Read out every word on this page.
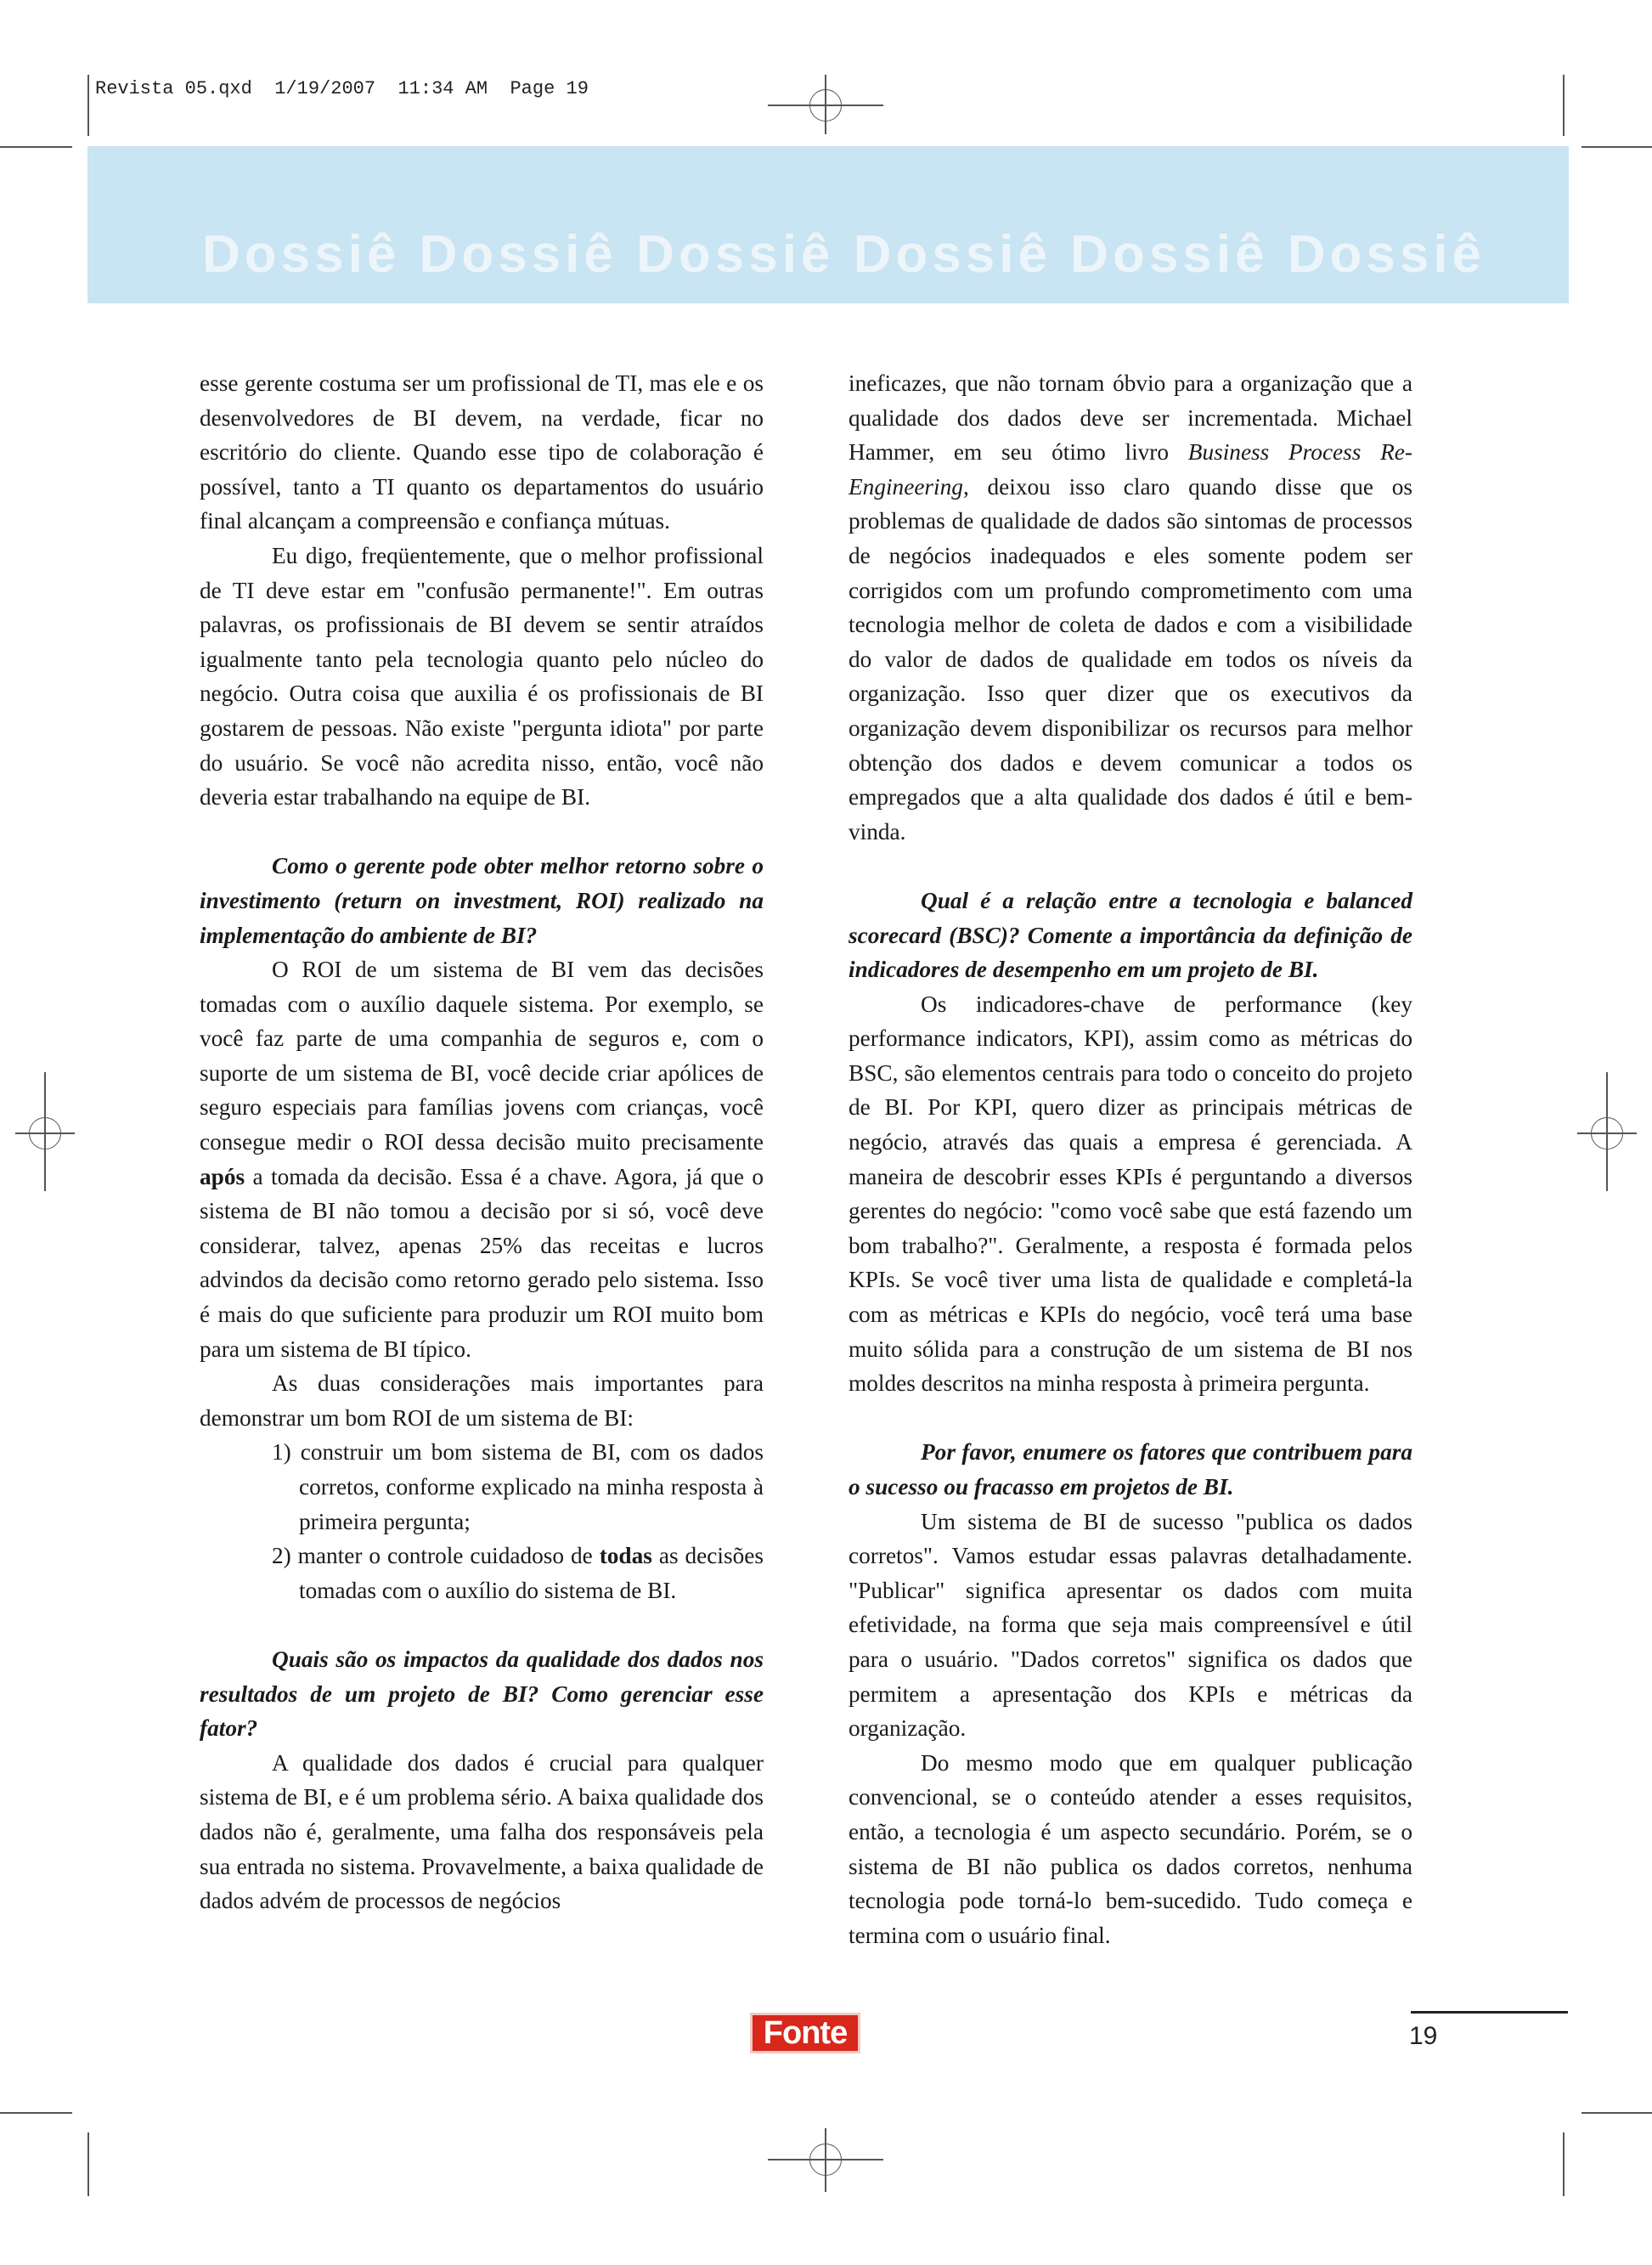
Revista 05.qxd  1/19/2007  11:34 AM  Page 19

Dossiê Dossiê Dossiê Dossiê Dossiê Dossiê

esse gerente costuma ser um profissional de TI, mas ele e os desenvolvedores de BI devem, na verdade, ficar no escritório do cliente. Quando esse tipo de colaboração é possível, tanto a TI quanto os departamentos do usuário final alcançam a compreensão e confiança mútuas.

Eu digo, freqüentemente, que o melhor profissional de TI deve estar em "confusão permanente!". Em outras palavras, os profissionais de BI devem se sentir atraídos igualmente tanto pela tecnologia quanto pelo núcleo do negócio. Outra coisa que auxilia é os profissionais de BI gostarem de pessoas. Não existe "pergunta idiota" por parte do usuário. Se você não acredita nisso, então, você não deveria estar trabalhando na equipe de BI.

Como o gerente pode obter melhor retorno sobre o investimento (return on investment, ROI) realizado na implementação do ambiente de BI?

O ROI de um sistema de BI vem das decisões tomadas com o auxílio daquele sistema. Por exemplo, se você faz parte de uma companhia de seguros e, com o suporte de um sistema de BI, você decide criar apólices de seguro especiais para famílias jovens com crianças, você consegue medir o ROI dessa decisão muito precisamente após a tomada da decisão. Essa é a chave. Agora, já que o sistema de BI não tomou a decisão por si só, você deve considerar, talvez, apenas 25% das receitas e lucros advindos da decisão como retorno gerado pelo sistema. Isso é mais do que suficiente para produzir um ROI muito bom para um sistema de BI típico.

As duas considerações mais importantes para demonstrar um bom ROI de um sistema de BI:

1) construir um bom sistema de BI, com os dados corretos, conforme explicado na minha resposta à primeira pergunta;
2) manter o controle cuidadoso de todas as decisões tomadas com o auxílio do sistema de BI.

Quais são os impactos da qualidade dos dados nos resultados de um projeto de BI? Como gerenciar esse fator?

A qualidade dos dados é crucial para qualquer sistema de BI, e é um problema sério. A baixa qualidade dos dados não é, geralmente, uma falha dos responsáveis pela sua entrada no sistema. Provavelmente, a baixa qualidade de dados advém de processos de negócios

ineficazes, que não tornam óbvio para a organização que a qualidade dos dados deve ser incrementada. Michael Hammer, em seu ótimo livro Business Process Re-Engineering, deixou isso claro quando disse que os problemas de qualidade de dados são sintomas de processos de negócios inadequados e eles somente podem ser corrigidos com um profundo comprometimento com uma tecnologia melhor de coleta de dados e com a visibilidade do valor de dados de qualidade em todos os níveis da organização. Isso quer dizer que os executivos da organização devem disponibilizar os recursos para melhor obtenção dos dados e devem comunicar a todos os empregados que a alta qualidade dos dados é útil e bem-vinda.

Qual é a relação entre a tecnologia e balanced scorecard (BSC)? Comente a importância da definição de indicadores de desempenho em um projeto de BI.

Os indicadores-chave de performance (key performance indicators, KPI), assim como as métricas do BSC, são elementos centrais para todo o conceito do projeto de BI. Por KPI, quero dizer as principais métricas de negócio, através das quais a empresa é gerenciada. A maneira de descobrir esses KPIs é perguntando a diversos gerentes do negócio: "como você sabe que está fazendo um bom trabalho?". Geralmente, a resposta é formada pelos KPIs. Se você tiver uma lista de qualidade e completá-la com as métricas e KPIs do negócio, você terá uma base muito sólida para a construção de um sistema de BI nos moldes descritos na minha resposta à primeira pergunta.

Por favor, enumere os fatores que contribuem para o sucesso ou fracasso em projetos de BI.

Um sistema de BI de sucesso "publica os dados corretos". Vamos estudar essas palavras detalhadamente. "Publicar" significa apresentar os dados com muita efetividade, na forma que seja mais compreensível e útil para o usuário. "Dados corretos" significa os dados que permitem a apresentação dos KPIs e métricas da organização.

Do mesmo modo que em qualquer publicação convencional, se o conteúdo atender a esses requisitos, então, a tecnologia é um aspecto secundário. Porém, se o sistema de BI não publica os dados corretos, nenhuma tecnologia pode torná-lo bem-sucedido. Tudo começa e termina com o usuário final.

Fonte	19
